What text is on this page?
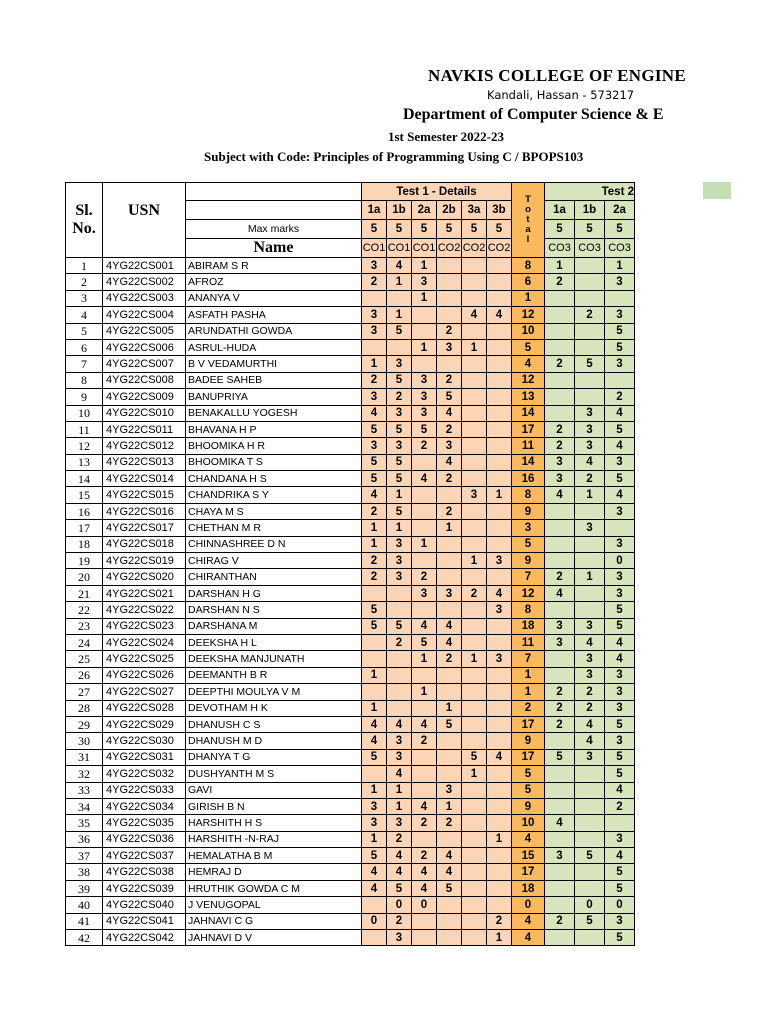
NAVKIS COLLEGE OF ENGINE
Kandali, Hassan - 573217
Department of Computer Science & E
1st Semester 2022-23
Subject with Code: Principles of Programming Using C / BPOPS103
Sl. No.	USN		Test 1 - Details						T o t a l	Test 2		
			1a	1b	2a	2b	3a	3b		1a	1b	2a
		Max marks	5	5	5	5	5	5		5	5	5
		Name	CO1	CO1	CO1	CO2	CO2	CO2		CO3	CO3	CO3
1	4YG22CS001	ABIRAM S R	3	4	1				8	1		1
2	4YG22CS002	AFROZ	2	1	3				6	2		3
3	4YG22CS003	ANANYA V			1				1			
4	4YG22CS004	ASFATH PASHA	3	1			4	4	12		2	3
5	4YG22CS005	ARUNDATHI GOWDA	3	5		2			10			5
6	4YG22CS006	ASRUL-HUDA			1	3	1		5			5
7	4YG22CS007	B V VEDAMURTHI	1	3					4	2	5	3
8	4YG22CS008	BADEE SAHEB	2	5	3	2			12			
9	4YG22CS009	BANUPRIYA	3	2	3	5			13			2
10	4YG22CS010	BENAKALLU YOGESH	4	3	3	4			14		3	4
11	4YG22CS011	BHAVANA H P	5	5	5	2			17	2	3	5
12	4YG22CS012	BHOOMIKA H R	3	3	2	3			11	2	3	4
13	4YG22CS013	BHOOMIKA T S	5	5		4			14	3	4	3
14	4YG22CS014	CHANDANA H S	5	5	4	2			16	3	2	5
15	4YG22CS015	CHANDRIKA S Y	4	1			3	1	8	4	1	4
16	4YG22CS016	CHAYA M S	2	5		2			9			3
17	4YG22CS017	CHETHAN M R	1	1		1			3		3	
18	4YG22CS018	CHINNASHREE D N	1	3	1				5			3
19	4YG22CS019	CHIRAG V	2	3			1	3	9			0
20	4YG22CS020	CHIRANTHAN	2	3	2				7	2	1	3
21	4YG22CS021	DARSHAN H G			3	3	2	4	12	4		3
22	4YG22CS022	DARSHAN N S	5					3	8			5
23	4YG22CS023	DARSHANA M	5	5	4	4			18	3	3	5
24	4YG22CS024	DEEKSHA H L		2	5	4			11	3	4	4
25	4YG22CS025	DEEKSHA MANJUNATH			1	2	1	3	7		3	4
26	4YG22CS026	DEEMANTH B R	1						1		3	3
27	4YG22CS027	DEEPTHI MOULYA V M			1				1	2	2	3
28	4YG22CS028	DEVOTHAM H K	1			1			2	2	2	3
29	4YG22CS029	DHANUSH C S	4	4	4	5			17	2	4	5
30	4YG22CS030	DHANUSH M D	4	3	2				9		4	3
31	4YG22CS031	DHANYA T G	5	3			5	4	17	5	3	5
32	4YG22CS032	DUSHYANTH M S		4			1		5			5
33	4YG22CS033	GAVI	1	1		3			5			4
34	4YG22CS034	GIRISH B N	3	1	4	1			9			2
35	4YG22CS035	HARSHITH H S	3	3	2	2			10	4		
36	4YG22CS036	HARSHITH -N-RAJ	1	2				1	4			3
37	4YG22CS037	HEMALATHA B M	5	4	2	4			15	3	5	4
38	4YG22CS038	HEMRAJ D	4	4	4	4			17			5
39	4YG22CS039	HRUTHIK GOWDA C M	4	5	4	5			18			5
40	4YG22CS040	J VENUGOPAL		0	0				0		0	0
41	4YG22CS041	JAHNAVI C G	0	2				2	4	2	5	3
42	4YG22CS042	JAHNAVI D V		3				1	4			5
